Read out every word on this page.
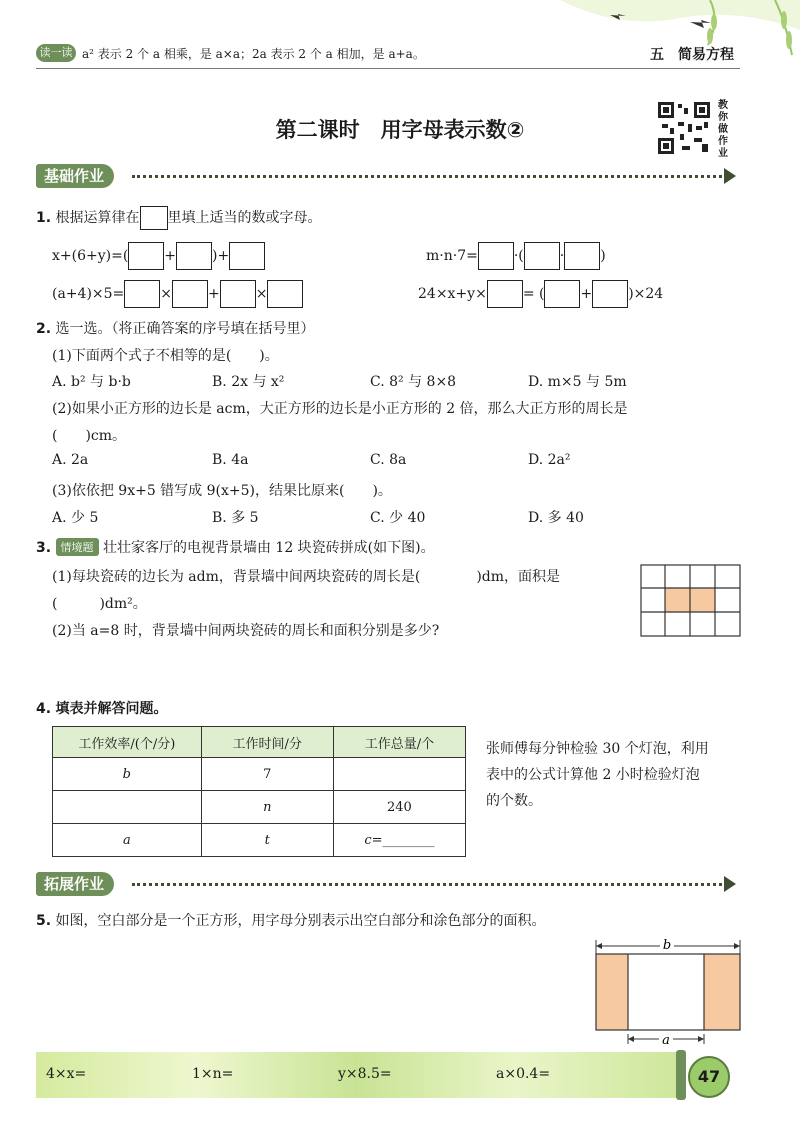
读一读 a² 表示 2 个 a 相乘，是 a×a；2a 表示 2 个 a 相加，是 a+a。	五　简易方程
第二课时　用字母表示数②
教你做作业
基础作业
1. 根据运算律在 里填上适当的数或字母。
x+(6+y)=(	+	)+	m·n·7=	·(	·	)
(a+4)×5=	×	+	×	24×x+y×	= (	+	)×24
2. 选一选。（将正确答案的序号填在括号里）
(1)下面两个式子不相等的是(　　)。
A. b² 与 b·b	B. 2x 与 x²	C. 8² 与 8×8	D. m×5 与 5m
(2)如果小正方形的边长是 acm，大正方形的边长是小正方形的 2 倍，那么大正方形的周长是
(　　)cm。
A. 2a	B. 4a	C. 8a	D. 2a²
(3)依依把 9x+5 错写成 9(x+5)，结果比原来(　　)。
A. 少 5	B. 多 5	C. 少 40	D. 多 40
3. 情境题 壮壮家客厅的电视背景墙由 12 块瓷砖拼成(如下图)。
(1)每块瓷砖的边长为 adm，背景墙中间两块瓷砖的周长是(　　　　)dm，面积是
(　　　)dm²。
(2)当 a=8 时，背景墙中间两块瓷砖的周长和面积分别是多少?
4. 填表并解答问题。
工作效率/(个/分)	工作时间/分	工作总量/个
b	7	
	n	240
a	t	c=________
张师傅每分钟检验 30 个灯泡，利用
表中的公式计算他 2 小时检验灯泡
的个数。
拓展作业
5. 如图，空白部分是一个正方形，用字母分别表示出空白部分和涂色部分的面积。
b
a
4×x=	1×n=	y×8.5=	a×0.4=	47
